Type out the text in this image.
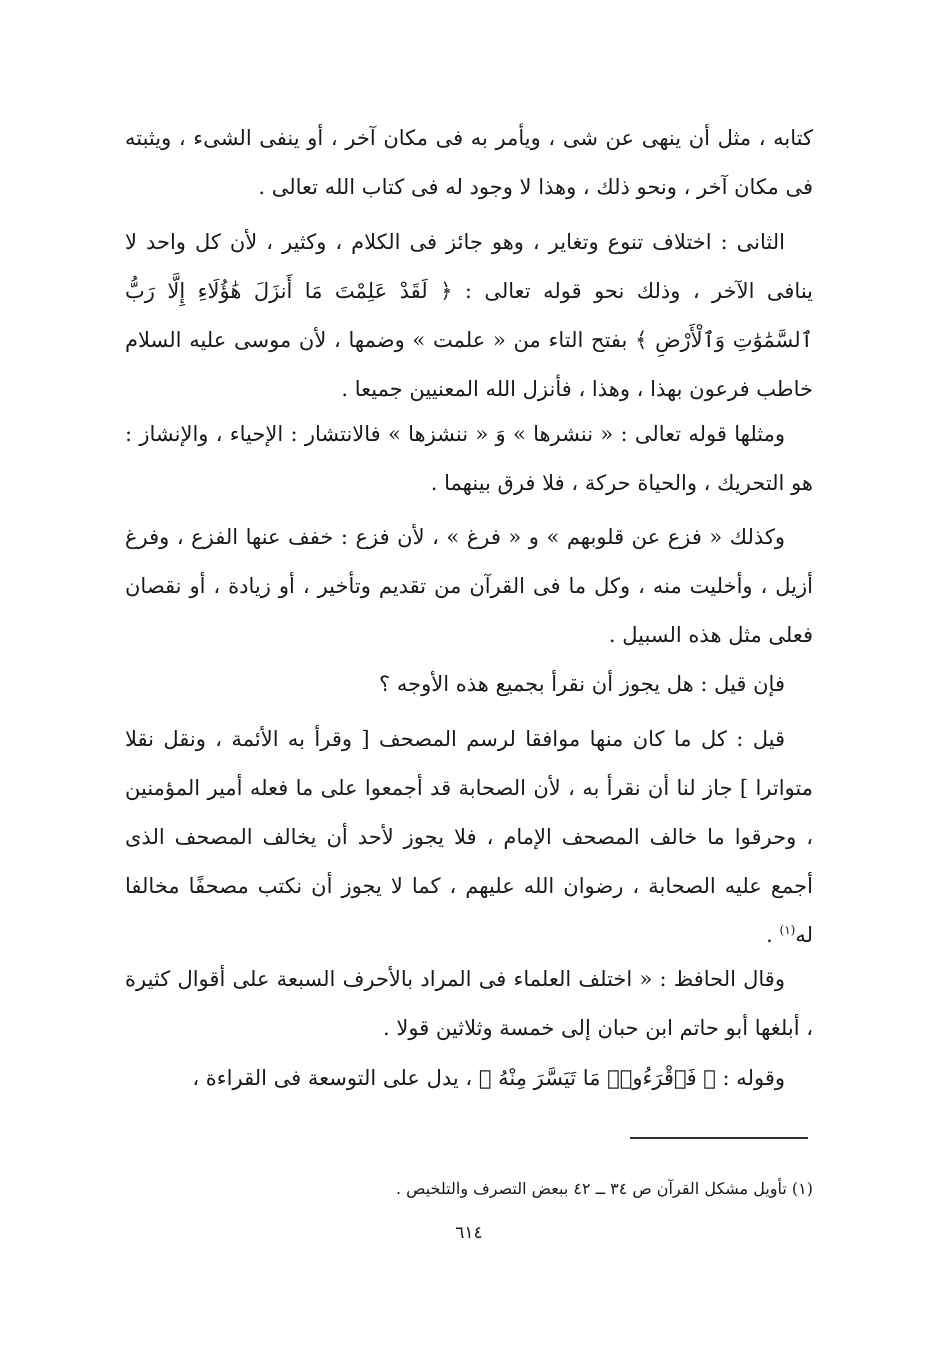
كتابه ، مثل أن ينهى عن شى ، ويأمر به فى مكان آخر ، أو ينفى الشىء ، ويثبته فى مكان آخر ، ونحو ذلك ، وهذا لا وجود له فى كتاب الله تعالى .

الثانى : اختلاف تنوع وتغاير ، وهو جائز فى الكلام ، وكثير ، لأن كل واحد لا ينافى الآخر ، وذلك نحو قوله تعالى : ﴿ لَقَدْ عَلِمْتَ مَا أَنزَلَ هَٰؤُلَاءِ إِلَّا رَبُّ ٱلسَّمَٰوَٰتِ وَٱلْأَرْضِ ﴾ بفتح التاء من « علمت » وضمها ، لأن موسى عليه السلام خاطب فرعون بهذا ، وهذا ، فأنزل الله المعنيين جميعا .

ومثلها قوله تعالى : « ننشرها » وَ « ننشزها » فالانتشار : الإحياء ، والإنشاز : هو التحريك ، والحياة حركة ، فلا فرق بينهما .

وكذلك « فزع عن قلوبهم » و « فرغ » ، لأن فزع : خفف عنها الفزع ، وفرغ أزيل ، وأخليت منه ، وكل ما فى القرآن من تقديم وتأخير ، أو زيادة ، أو نقصان فعلى مثل هذه السبيل .

فإن قيل : هل يجوز أن نقرأ بجميع هذه الأوجه ؟

قيل : كل ما كان منها موافقا لرسم المصحف [ وقرأ به الأئمة ، ونقل نقلا متواترا ] جاز لنا أن نقرأ به ، لأن الصحابة قد أجمعوا على ما فعله أمير المؤمنين ، وحرقوا ما خالف المصحف الإمام ، فلا يجوز لأحد أن يخالف المصحف الذى أجمع عليه الصحابة ، رضوان الله عليهم ، كما لا يجوز أن نكتب مصحفًا مخالفا له$^{(١)}$ .

وقال الحافظ : « اختلف العلماء فى المراد بالأحرف السبعة على أقوال كثيرة ، أبلغها أبو حاتم ابن حبان إلى خمسة وثلاثين قولا .

وقوله : ﴿ فَٱقْرَءُوا۟ مَا تَيَسَّرَ مِنْهُ ﴾ ، يدل على التوسعة فى القراءة ،

(١) تأويل مشكل القرآن ص ٣٤ ــ ٤٢ ببعض التصرف والتلخيص .
٦١٤
